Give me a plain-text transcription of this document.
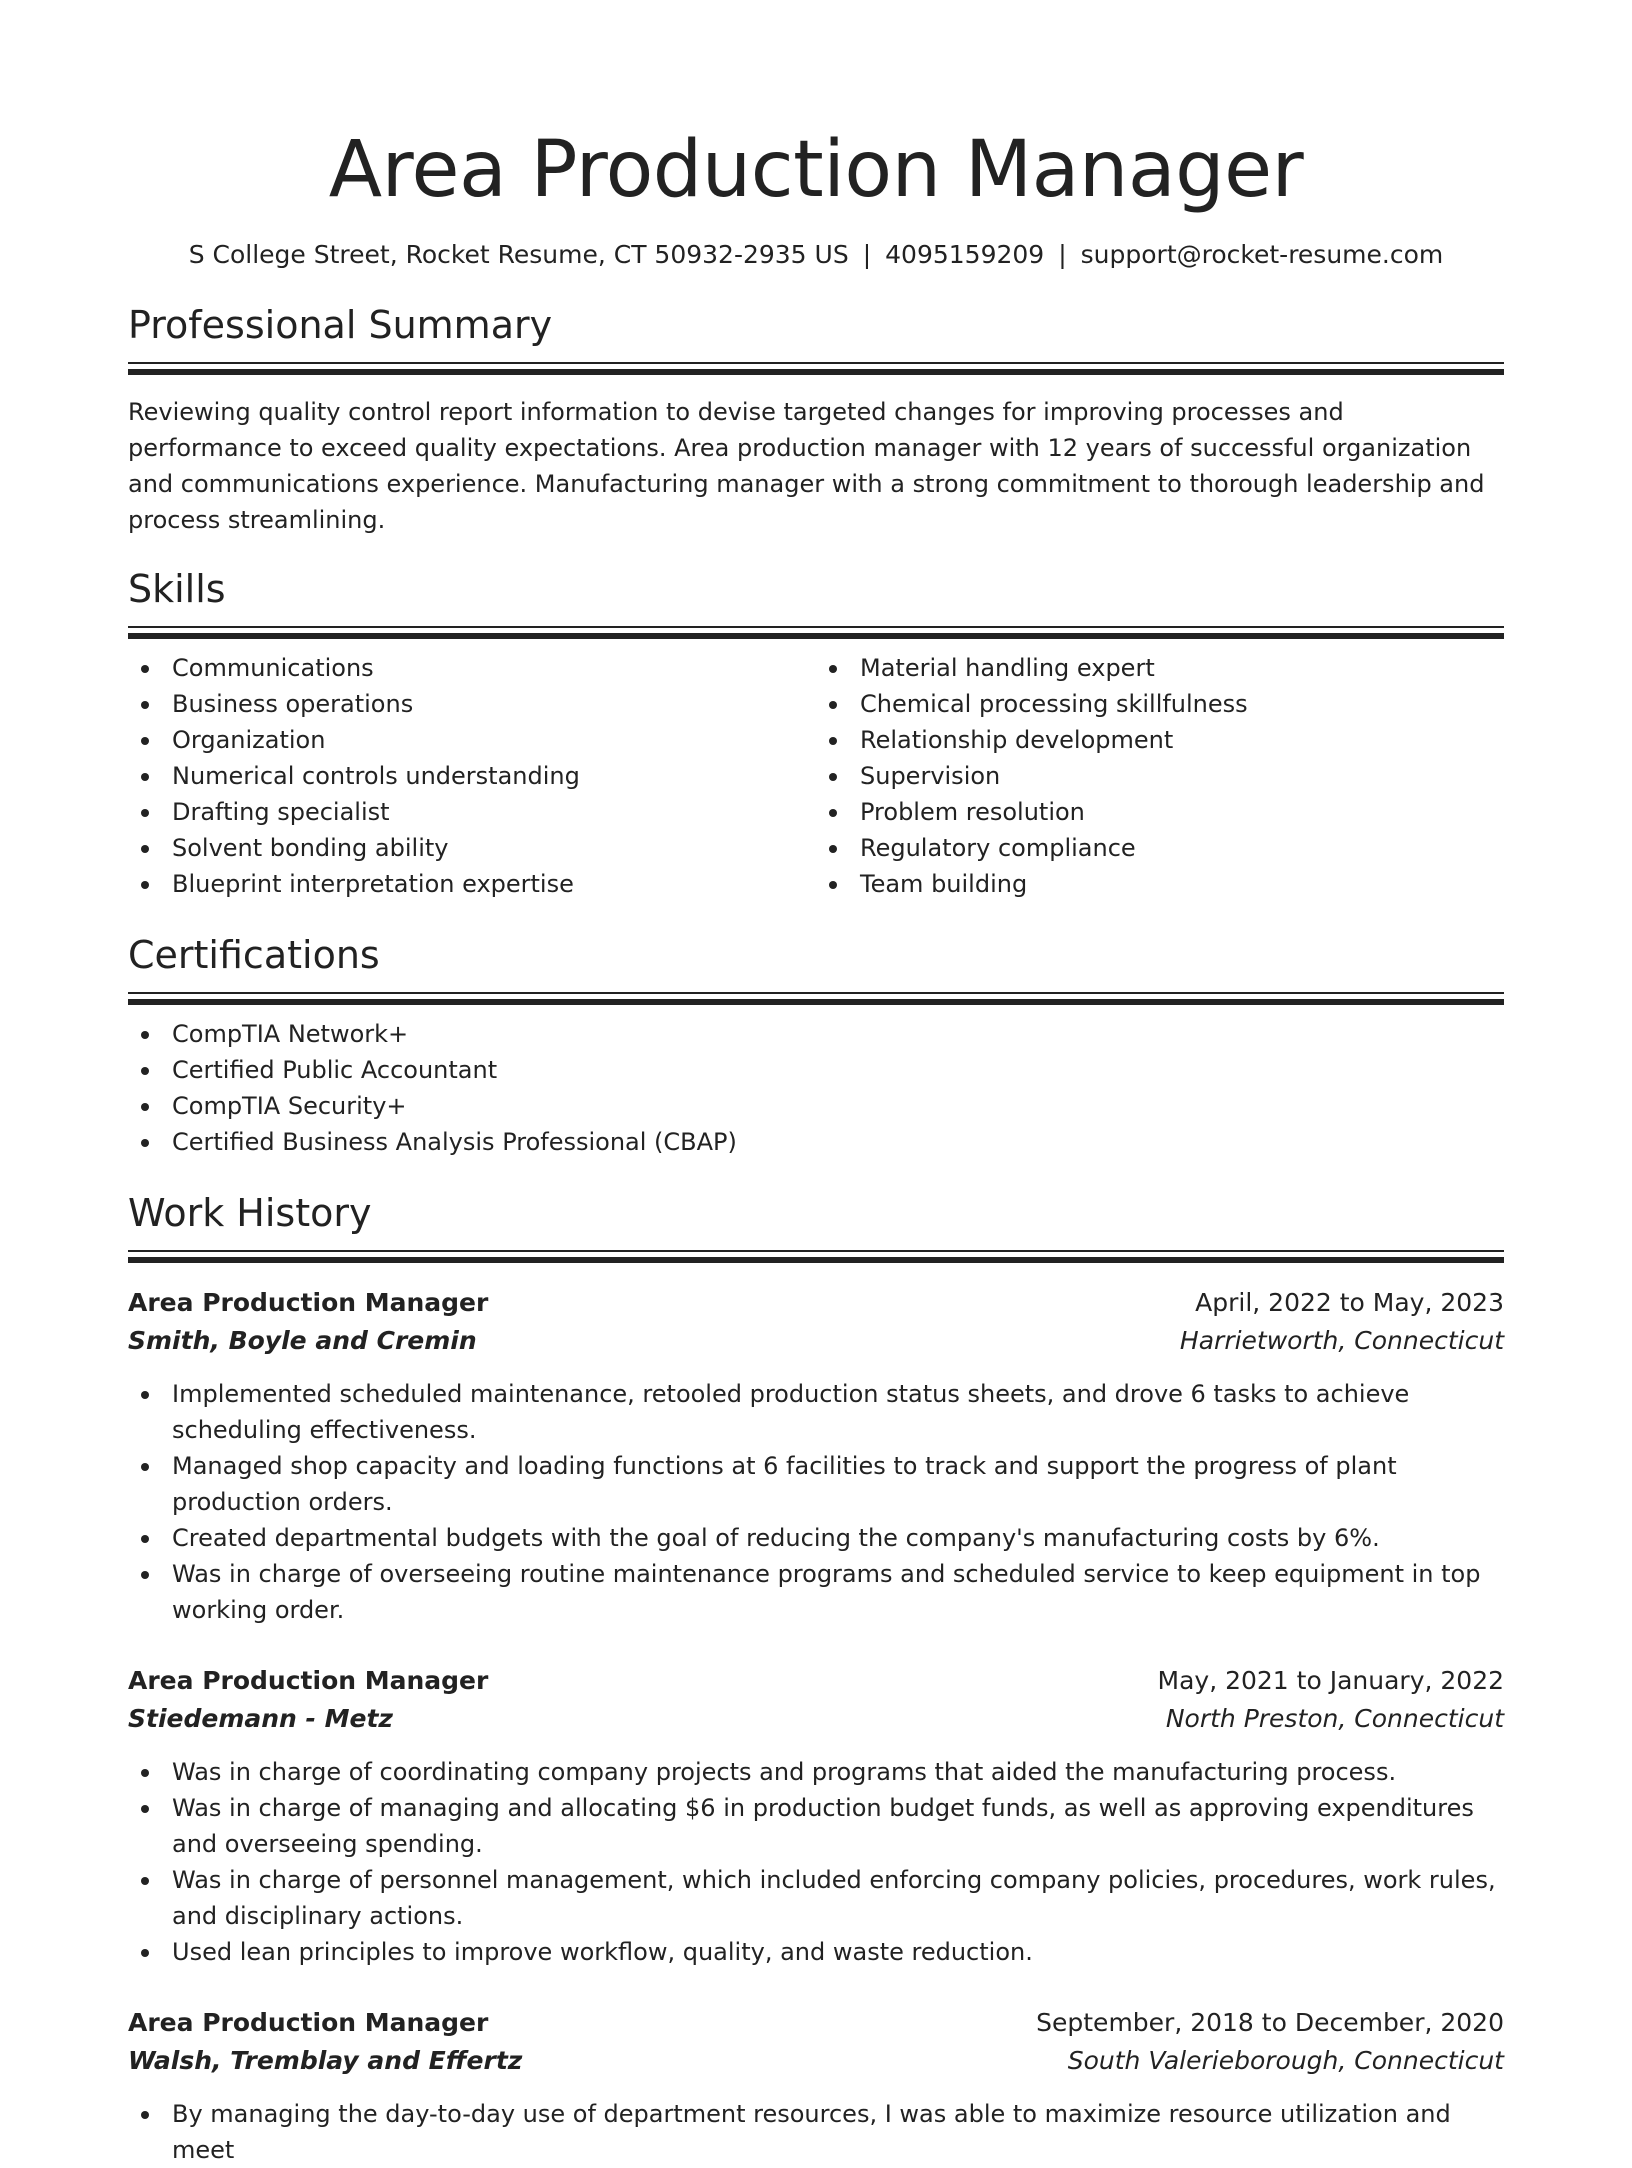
Area Production Manager
S College Street, Rocket Resume, CT 50932-2935 US | 4095159209 | support@rocket-resume.com
Professional Summary

Reviewing quality control report information to devise targeted changes for improving processes and performance to exceed quality expectations. Area production manager with 12 years of successful organization and communications experience. Manufacturing manager with a strong commitment to thorough leadership and process streamlining.

Skills
Communications
Business operations
Organization
Numerical controls understanding
Drafting specialist
Solvent bonding ability
Blueprint interpretation expertise
Material handling expert
Chemical processing skillfulness
Relationship development
Supervision
Problem resolution
Regulatory compliance
Team building
Certifications
CompTIA Network+
Certified Public Accountant
CompTIA Security+
Certified Business Analysis Professional (CBAP)
Work History
Area Production Manager	April, 2022 to May, 2023
Smith, Boyle and Cremin	Harrietworth, Connecticut
Implemented scheduled maintenance, retooled production status sheets, and drove 6 tasks to achieve scheduling effectiveness.
Managed shop capacity and loading functions at 6 facilities to track and support the progress of plant production orders.
Created departmental budgets with the goal of reducing the company's manufacturing costs by 6%.
Was in charge of overseeing routine maintenance programs and scheduled service to keep equipment in top working order.
Area Production Manager	May, 2021 to January, 2022
Stiedemann - Metz	North Preston, Connecticut
Was in charge of coordinating company projects and programs that aided the manufacturing process.
Was in charge of managing and allocating $6 in production budget funds, as well as approving expenditures and overseeing spending.
Was in charge of personnel management, which included enforcing company policies, procedures, work rules, and disciplinary actions.
Used lean principles to improve workflow, quality, and waste reduction.
Area Production Manager	September, 2018 to December, 2020
Walsh, Tremblay and Effertz	South Valerieborough, Connecticut
By managing the day-to-day use of department resources, I was able to maximize resource utilization and meet
